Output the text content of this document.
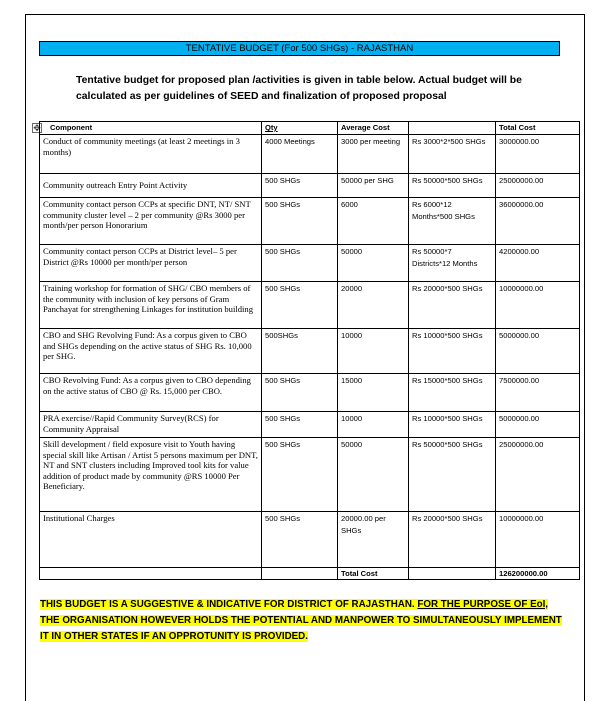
TENTATIVE BUDGET (For 500 SHGs) - RAJASTHAN

Tentative budget for proposed plan /activities is given in table below. Actual budget will be calculated as per guidelines of SEED and finalization of proposed proposal

✥ Component	Qty	Average Cost		Total Cost
Conduct of community meetings (at least 2 meetings in 3 months)	4000 Meetings	3000 per meeting	Rs 3000*2*500 SHGs	3000000.00
Community outreach Entry Point Activity	500 SHGs	50000 per SHG	Rs 50000*500 SHGs	25000000.00
Community contact person CCPs at specific DNT, NT/ SNT community cluster level – 2 per community @Rs 3000 per month/per person Honorarium	500 SHGs	6000	Rs 6000*12 Months*500 SHGs	36000000.00
Community contact person CCPs at District level– 5 per District @Rs 10000 per month/per person	500 SHGs	50000	Rs 50000*7 Districts*12 Months	4200000.00
Training workshop for formation of SHG/ CBO members of the community with inclusion of key persons of Gram Panchayat for strengthening Linkages for institution building	500 SHGs	20000	Rs 20000*500 SHGs	10000000.00
CBO and SHG Revolving Fund: As a corpus given to CBO and SHGs depending on the active status of SHG Rs. 10,000 per SHG.	500SHGs	10000	Rs 10000*500 SHGs	5000000.00
CBO Revolving Fund: As a corpus given to CBO depending on the active status of CBO @ Rs. 15,000 per CBO.	500 SHGs	15000	Rs 15000*500 SHGs	7500000.00
PRA exercise//Rapid Community Survey(RCS) for Community Appraisal	500 SHGs	10000	Rs 10000*500 SHGs	5000000.00
Skill development / field exposure visit to Youth having special skill like Artisan / Artist 5 persons maximum per DNT, NT and SNT clusters including Improved tool kits for value addition of product made by community @RS 10000 Per Beneficiary.	500 SHGs	50000	Rs 50000*500 SHGs	25000000.00
Institutional Charges	500 SHGs	20000.00 per SHGs	Rs 20000*500 SHGs	10000000.00
		Total Cost		126200000.00

THIS BUDGET IS A SUGGESTIVE & INDICATIVE FOR DISTRICT OF RAJASTHAN. FOR THE PURPOSE OF EoI, THE ORGANISATION HOWEVER HOLDS THE POTENTIAL AND MANPOWER TO SIMULTANEOUSLY IMPLEMENT IT IN OTHER STATES IF AN OPPROTUNITY IS PROVIDED.
